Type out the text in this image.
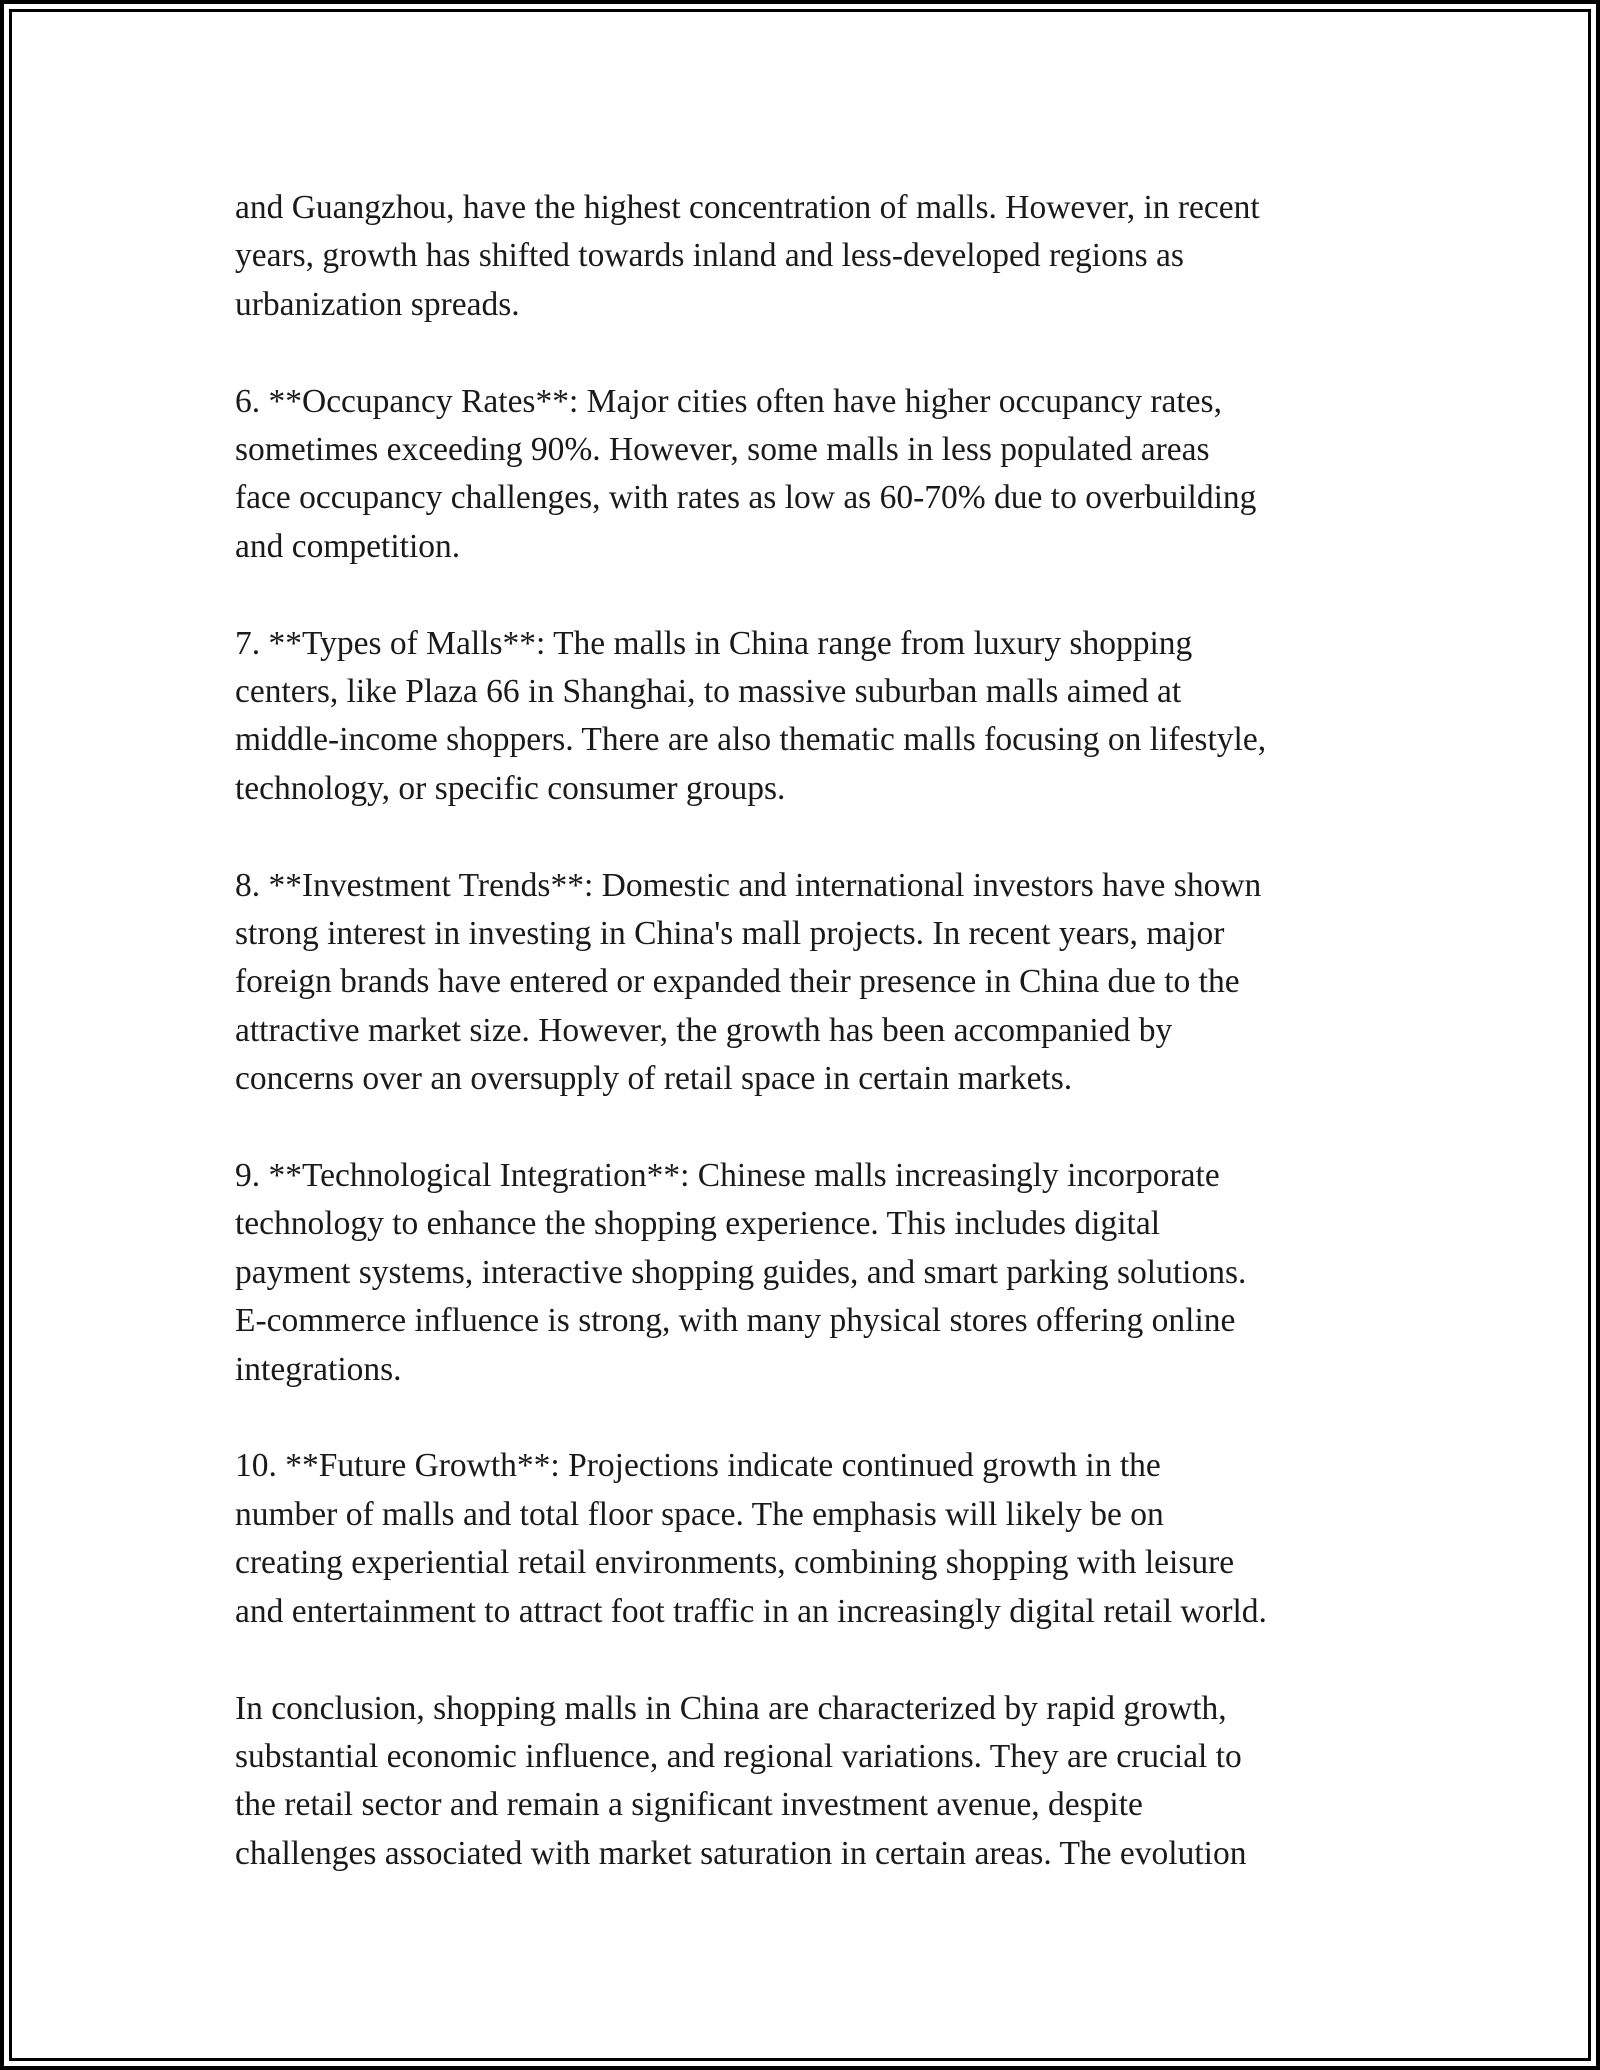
and Guangzhou, have the highest concentration of malls. However, in recent
years, growth has shifted towards inland and less-developed regions as
urbanization spreads.

6. **Occupancy Rates**: Major cities often have higher occupancy rates,
sometimes exceeding 90%. However, some malls in less populated areas
face occupancy challenges, with rates as low as 60-70% due to overbuilding
and competition.

7. **Types of Malls**: The malls in China range from luxury shopping
centers, like Plaza 66 in Shanghai, to massive suburban malls aimed at
middle-income shoppers. There are also thematic malls focusing on lifestyle,
technology, or specific consumer groups.

8. **Investment Trends**: Domestic and international investors have shown
strong interest in investing in China's mall projects. In recent years, major
foreign brands have entered or expanded their presence in China due to the
attractive market size. However, the growth has been accompanied by
concerns over an oversupply of retail space in certain markets.

9. **Technological Integration**: Chinese malls increasingly incorporate
technology to enhance the shopping experience. This includes digital
payment systems, interactive shopping guides, and smart parking solutions.
E-commerce influence is strong, with many physical stores offering online
integrations.

10. **Future Growth**: Projections indicate continued growth in the
number of malls and total floor space. The emphasis will likely be on
creating experiential retail environments, combining shopping with leisure
and entertainment to attract foot traffic in an increasingly digital retail world.

In conclusion, shopping malls in China are characterized by rapid growth,
substantial economic influence, and regional variations. They are crucial to
the retail sector and remain a significant investment avenue, despite
challenges associated with market saturation in certain areas. The evolution
